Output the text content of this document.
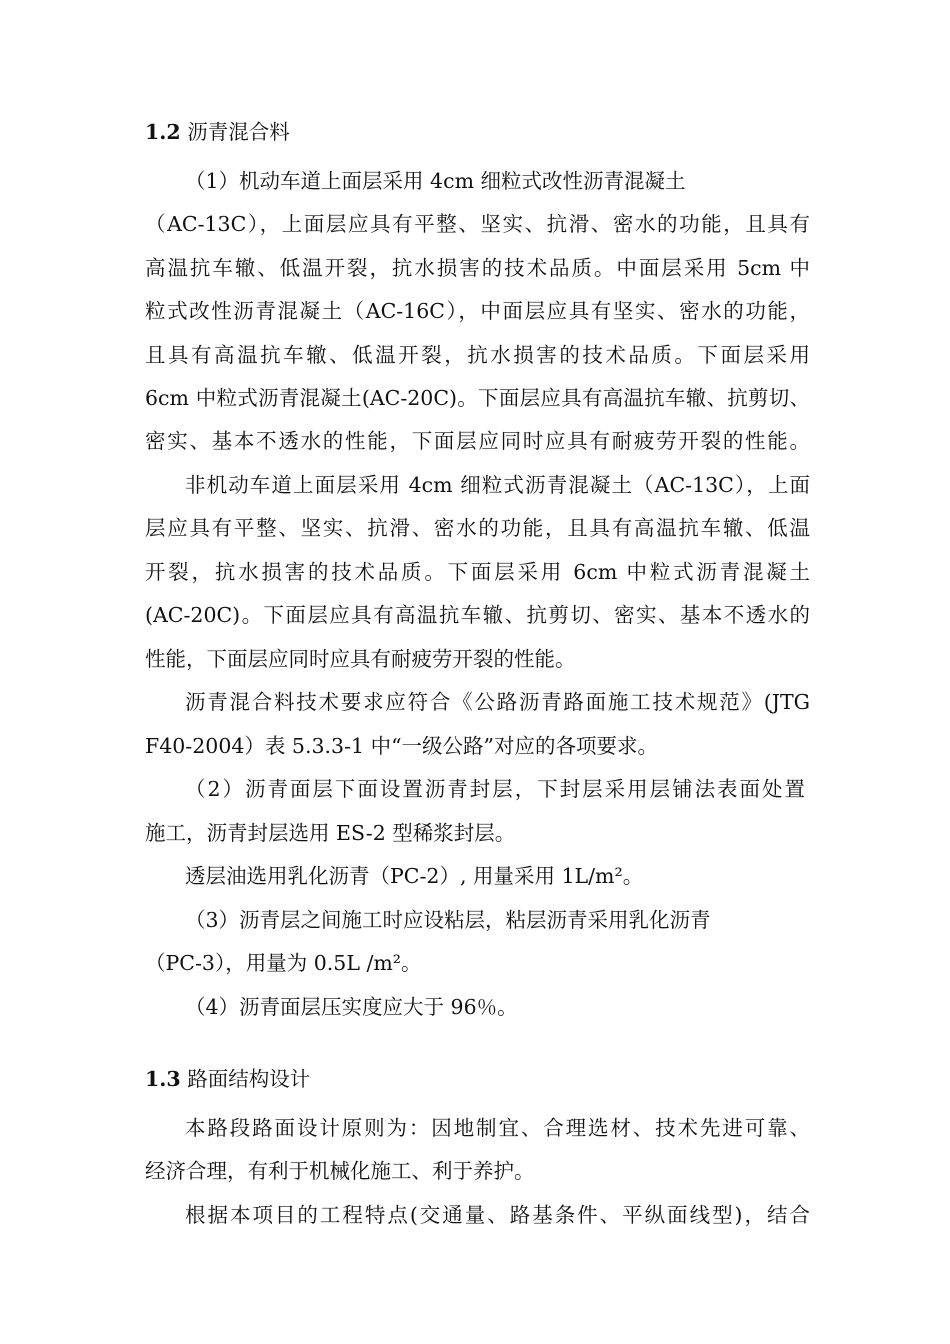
1.2 沥青混合料
（1）机动车道上面层采用 4cm 细粒式改性沥青混凝土
（AC-13C），上面层应具有平整、坚实、抗滑、密水的功能，且具有
高温抗车辙、低温开裂，抗水损害的技术品质。中面层采用 5cm 中
粒式改性沥青混凝土（AC-16C），中面层应具有坚实、密水的功能，
且具有高温抗车辙、低温开裂，抗水损害的技术品质。下面层采用
6cm 中粒式沥青混凝土(AC-20C)。下面层应具有高温抗车辙、抗剪切、
密实、基本不透水的性能，下面层应同时应具有耐疲劳开裂的性能。
非机动车道上面层采用 4cm 细粒式沥青混凝土（AC-13C），上面
层应具有平整、坚实、抗滑、密水的功能，且具有高温抗车辙、低温
开裂，抗水损害的技术品质。下面层采用 6cm 中粒式沥青混凝土
(AC-20C)。下面层应具有高温抗车辙、抗剪切、密实、基本不透水的
性能，下面层应同时应具有耐疲劳开裂的性能。
沥青混合料技术要求应符合《公路沥青路面施工技术规范》(JTG
F40-2004）表 5.3.3-1 中“一级公路”对应的各项要求。
（2）沥青面层下面设置沥青封层，下封层采用层铺法表面处置
施工，沥青封层选用 ES-2 型稀浆封层。
透层油选用乳化沥青（PC-2）, 用量采用 1L/m²。
（3）沥青层之间施工时应设粘层，粘层沥青采用乳化沥青
（PC-3），用量为 0.5L /m²。
（4）沥青面层压实度应大于 96％。
1.3 路面结构设计
本路段路面设计原则为：因地制宜、合理选材、技术先进可靠、
经济合理，有利于机械化施工、利于养护。
根据本项目的工程特点(交通量、路基条件、平纵面线型)，结合
